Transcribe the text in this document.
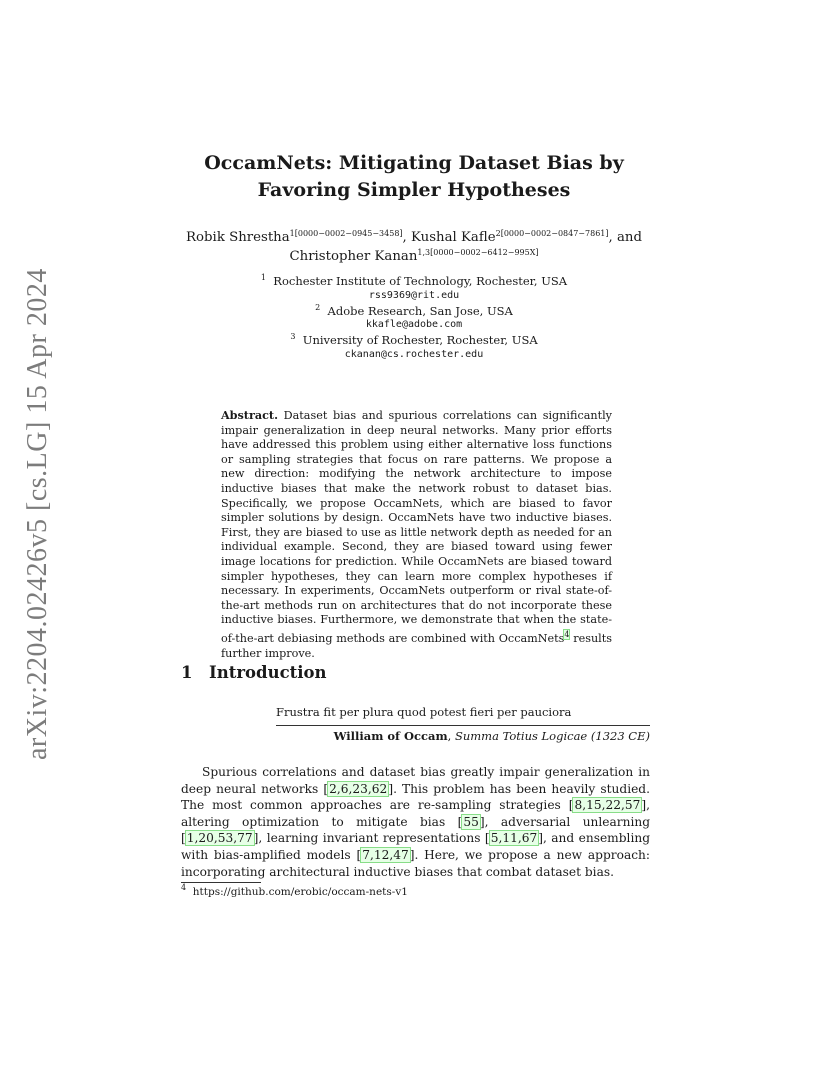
arXiv:2204.02426v5 [cs.LG] 15 Apr 2024
OccamNets: Mitigating Dataset Bias by
Favoring Simpler Hypotheses
Robik Shrestha$^{1[0000-0002-0945-3458]}$, Kushal Kafle$^{2[0000-0002-0847-7861]}$, and
Christopher Kanan$^{1,3[0000-0002-6412-995X]}$
$^1$ Rochester Institute of Technology, Rochester, USA
rss9369@rit.edu
$^2$ Adobe Research, San Jose, USA
kkafle@adobe.com
$^3$ University of Rochester, Rochester, USA
ckanan@cs.rochester.edu
Abstract. Dataset bias and spurious correlations can significantly impair generalization in deep neural networks. Many prior efforts have addressed this problem using either alternative loss functions or sampling strategies that focus on rare patterns. We propose a new direction: modifying the network architecture to impose inductive biases that make the network robust to dataset bias. Specifically, we propose OccamNets, which are biased to favor simpler solutions by design. OccamNets have two inductive biases. First, they are biased to use as little network depth as needed for an individual example. Second, they are biased toward using fewer image locations for prediction. While OccamNets are biased toward simpler hypotheses, they can learn more complex hypotheses if necessary. In experiments, OccamNets outperform or rival state-of-the-art methods run on architectures that do not incorporate these inductive biases. Furthermore, we demonstrate that when the state-of-the-art debiasing methods are combined with OccamNets$^4$ results further improve.
1 Introduction
Frustra fit per plura quod potest fieri per pauciora
William of Occam, Summa Totius Logicae (1323 CE)
Spurious correlations and dataset bias greatly impair generalization in deep neural networks [2,6,23,62]. This problem has been heavily studied. The most common approaches are re-sampling strategies [8,15,22,57], altering optimization to mitigate bias [55], adversarial unlearning [1,20,53,77], learning invariant representations [5,11,67], and ensembling with bias-amplified models [7,12,47]. Here, we propose a new approach: incorporating architectural inductive biases that combat dataset bias.
$^4$ https://github.com/erobic/occam-nets-v1
